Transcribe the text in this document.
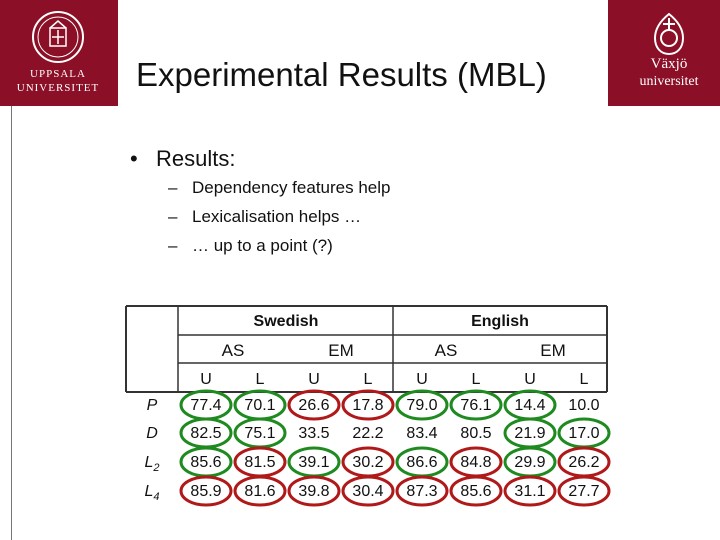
UPPSALA
UNIVERSITET Experimental Results (MBL)	Växjö
universitet
• Results:
– Dependency features help
– Lexicalisation helps …
– … up to a point (?)
Swedish	English
AS	EM	AS	EM
U	L	U	L	U	L	U	L
P 77.4 70.1 26.6 17.8 79.0 76.1 14.4 10.0
D 82.5 75.1 33.5 22.2 83.4 80.5 21.9 17.0
$L_2$ 85.6 81.5 39.1 30.2 86.6 84.8 29.9 26.2
$L_4$ 85.9 81.6 39.8 30.4 87.3 85.6 31.1 27.7
